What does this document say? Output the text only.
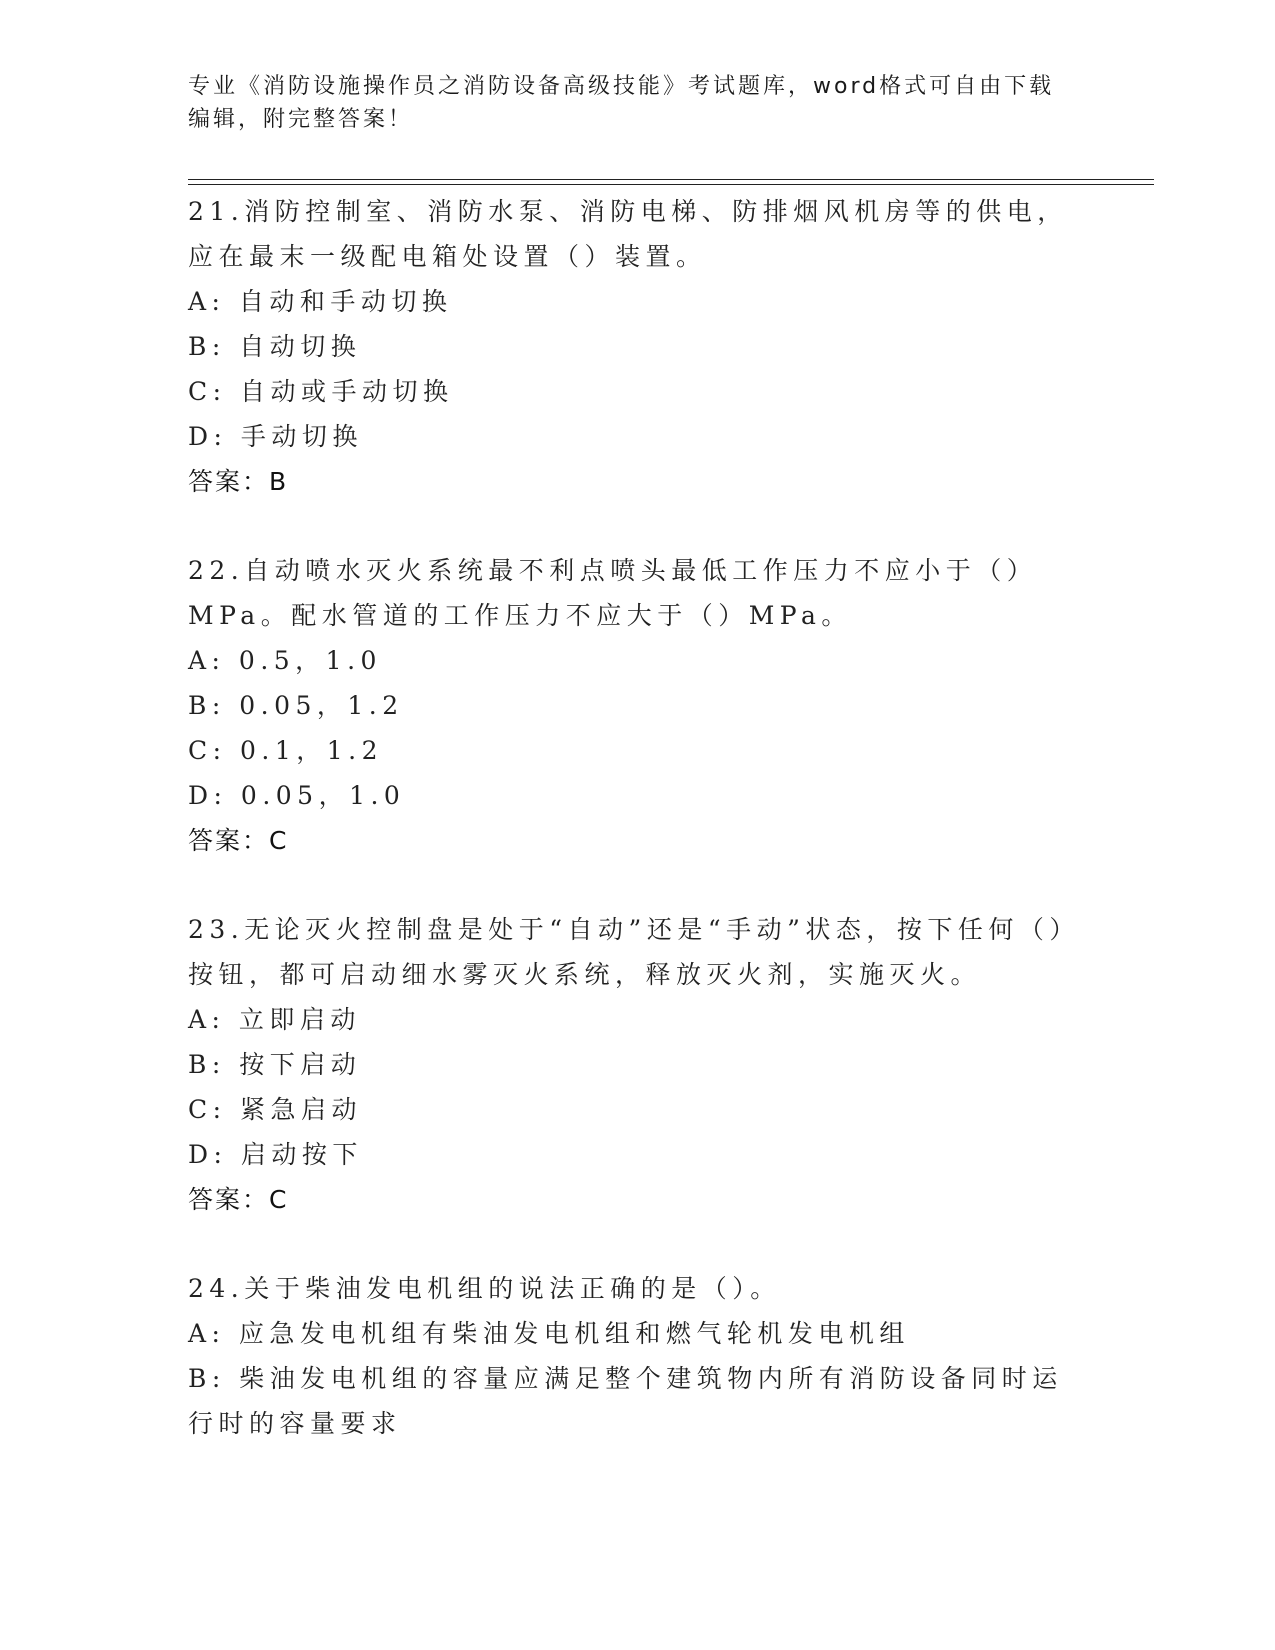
专业《消防设施操作员之消防设备高级技能》考试题库，word格式可自由下载编辑，附完整答案！

21.消防控制室、消防水泵、消防电梯、防排烟风机房等的供电，应在最末一级配电箱处设置（）装置。

A: 自动和手动切换

B: 自动切换

C: 自动或手动切换

D: 手动切换

答案：B

22.自动喷水灭火系统最不利点喷头最低工作压力不应小于（）MPa。配水管道的工作压力不应大于（）MPa。

A: 0.5，1.0

B: 0.05，1.2

C: 0.1，1.2

D: 0.05，1.0

答案：C

23.无论灭火控制盘是处于“自动”还是“手动”状态，按下任何（）按钮，都可启动细水雾灭火系统，释放灭火剂，实施灭火。

A: 立即启动

B: 按下启动

C: 紧急启动

D: 启动按下

答案：C

24.关于柴油发电机组的说法正确的是（）。

A: 应急发电机组有柴油发电机组和燃气轮机发电机组

B: 柴油发电机组的容量应满足整个建筑物内所有消防设备同时运行时的容量要求
